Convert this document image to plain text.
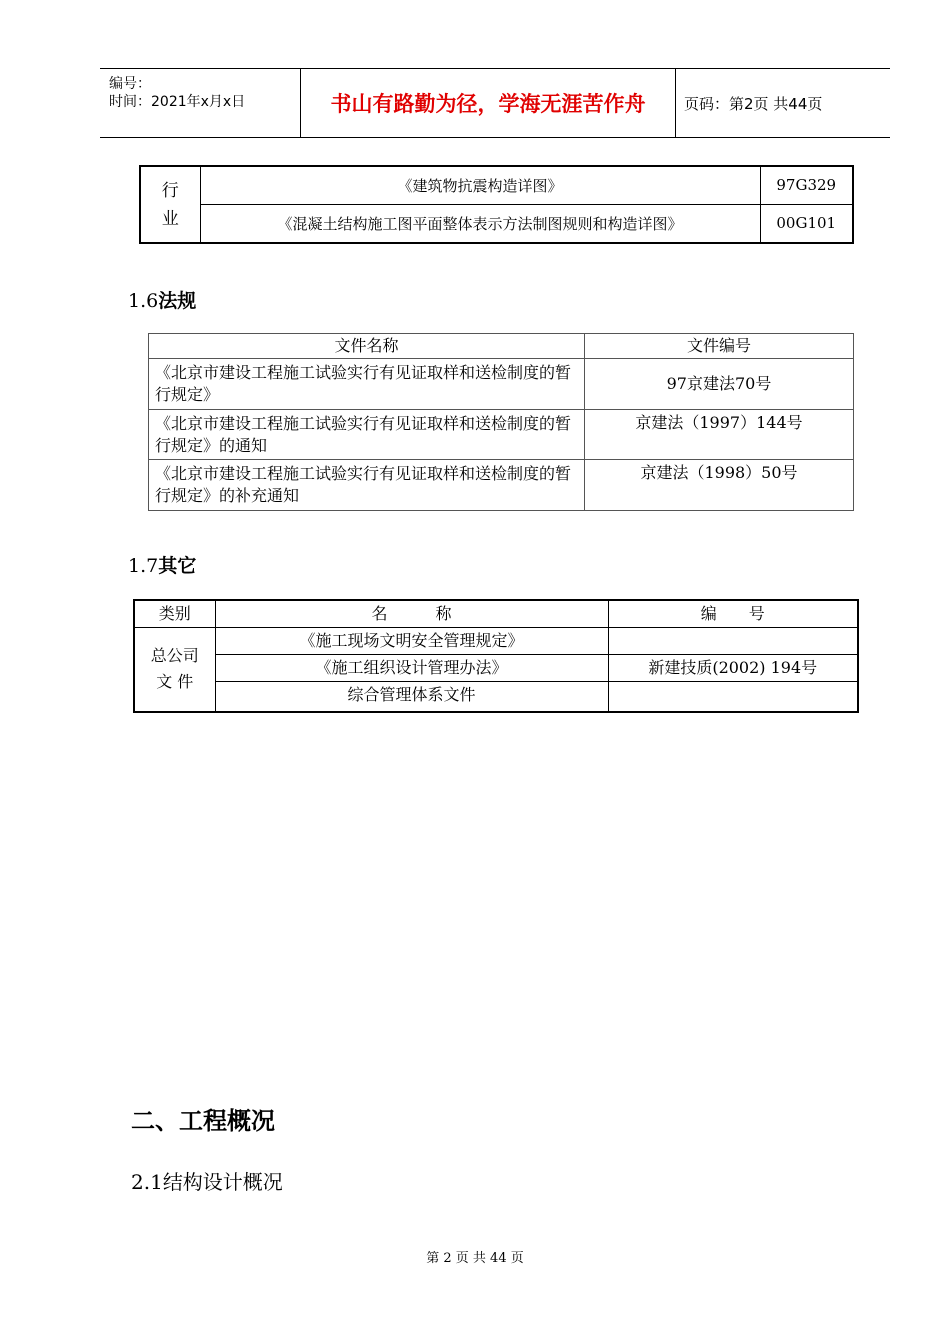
编号：
时间：2021年x月x日	书山有路勤为径，学海无涯苦作舟	页码：第2页 共44页
行
业	《建筑物抗震构造详图》	97G329
	《混凝土结构施工图平面整体表示方法制图规则和构造详图》	00G101
1.6法规
文件名称	文件编号
《北京市建设工程施工试验实行有见证取样和送检制度的暂行规定》	97京建法70号
《北京市建设工程施工试验实行有见证取样和送检制度的暂行规定》的通知	京建法（1997）144号
《北京市建设工程施工试验实行有见证取样和送检制度的暂行规定》的补充通知	京建法（1998）50号
1.7其它
类别	名　　　称	编　　号
总公司
文 件	《施工现场文明安全管理规定》	
	《施工组织设计管理办法》	新建技质(2002) 194号
	综合管理体系文件	
二、工程概况
2.1结构设计概况
第 2 页 共 44 页
